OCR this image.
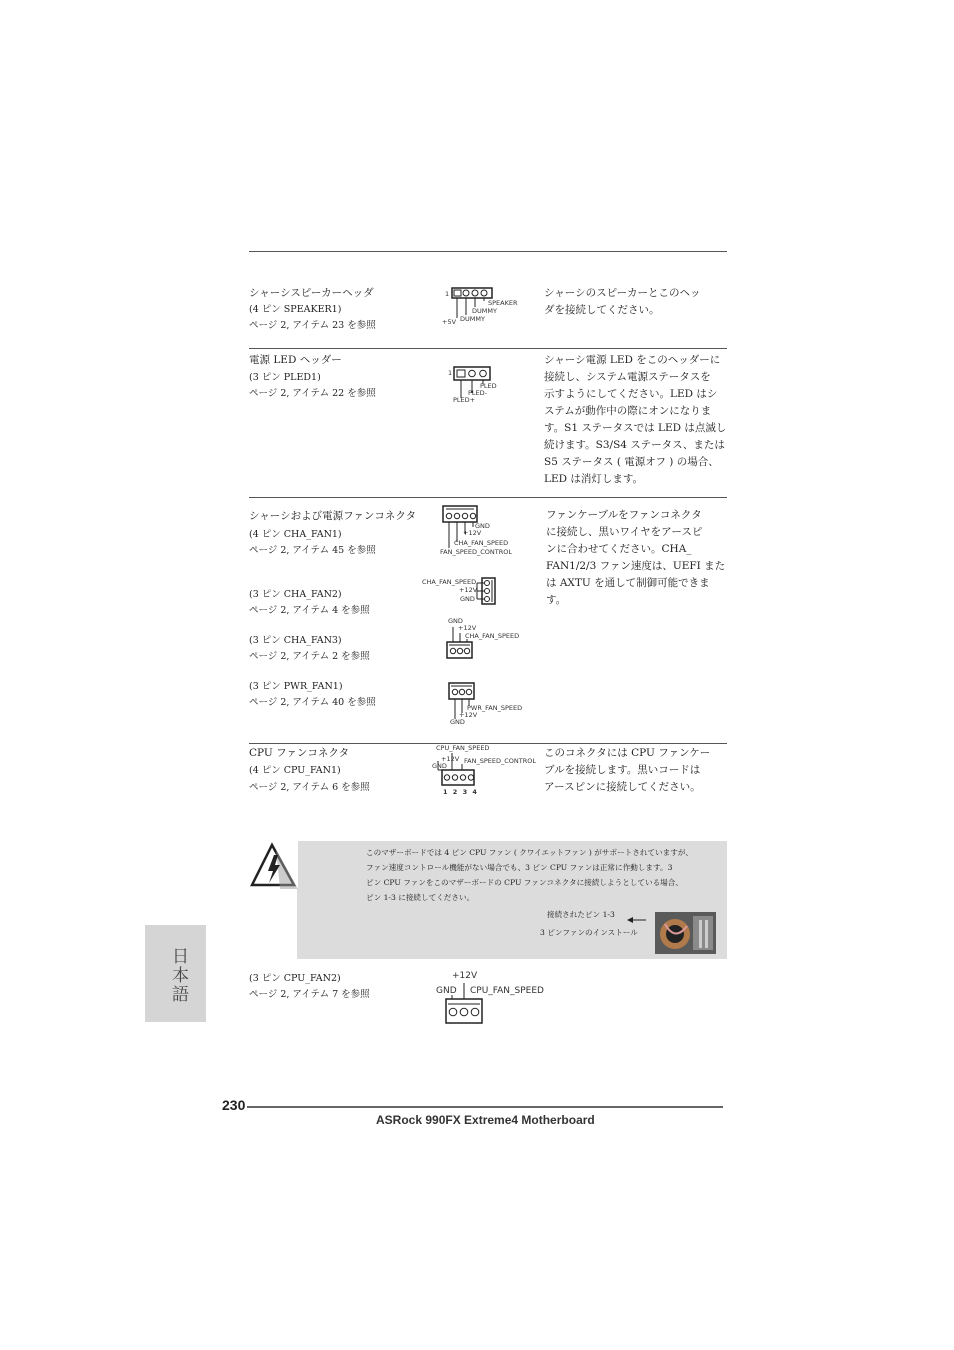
シャーシスピーカーヘッダ
(4 ピン SPEAKER1)
ページ 2, アイテム 23 を参照
1
SPEAKER
DUMMY
DUMMY
+5V
シャーシのスピーカーとこのヘッ
ダを接続してください。
電源 LED ヘッダー
(3 ピン PLED1)
ページ 2, アイテム 22 を参照
1
PLED
PLED-
PLED+
シャーシ電源 LED をこのヘッダーに
接続し、システム電源ステータスを
示すようにしてください。LED はシ
ステムが動作中の際にオンになりま
す。S1 ステータスでは LED は点滅し
続けます。S3/S4 ステータス、または
S5 ステータス ( 電源オフ ) の場合、
LED は消灯します。
シャーシおよび電源ファンコネクタ
(4 ピン CHA_FAN1)
ページ 2, アイテム 45 を参照
(3 ピン CHA_FAN2)
ページ 2, アイテム 4 を参照
(3 ピン CHA_FAN3)
ページ 2, アイテム 2 を参照
(3 ピン PWR_FAN1)
ページ 2, アイテム 40 を参照
GND
+12V
CHA_FAN_SPEED
FAN_SPEED_CONTROL
CHA_FAN_SPEED
+12V
GND
GND
+12V
CHA_FAN_SPEED
PWR_FAN_SPEED
+12V
GND
ファンケーブルをファンコネクタ
に接続し、黒いワイヤをアースピ
ンに合わせてください。CHA_
FAN1/2/3 ファン速度は、UEFI また
は AXTU を通して制御可能できま
す。
CPU ファンコネクタ
(4 ピン CPU_FAN1)
ページ 2, アイテム 6 を参照
CPU_FAN_SPEED
+12V FAN_SPEED_CONTROL
GND
1 2 3 4
このコネクタには CPU ファンケー
ブルを接続します。黒いコードは
アースピンに接続してください。
このマザーボードでは 4 ピン CPU ファン ( クワイエットファン ) がサポートされていますが、
ファン速度コントロール機能がない場合でも、3 ピン CPU ファンは正常に作動します。3
ピン CPU ファンをこのマザーボードの CPU ファンコネクタに接続しようとしている場合、
ピン 1-3 に接続してください。
接続されたピン 1-3
3 ピンファンのインストール
(3 ピン CPU_FAN2)
ページ 2, アイテム 7 を参照
+12V
GND CPU_FAN_SPEED
日本語
230
ASRock 990FX Extreme4 Motherboard
